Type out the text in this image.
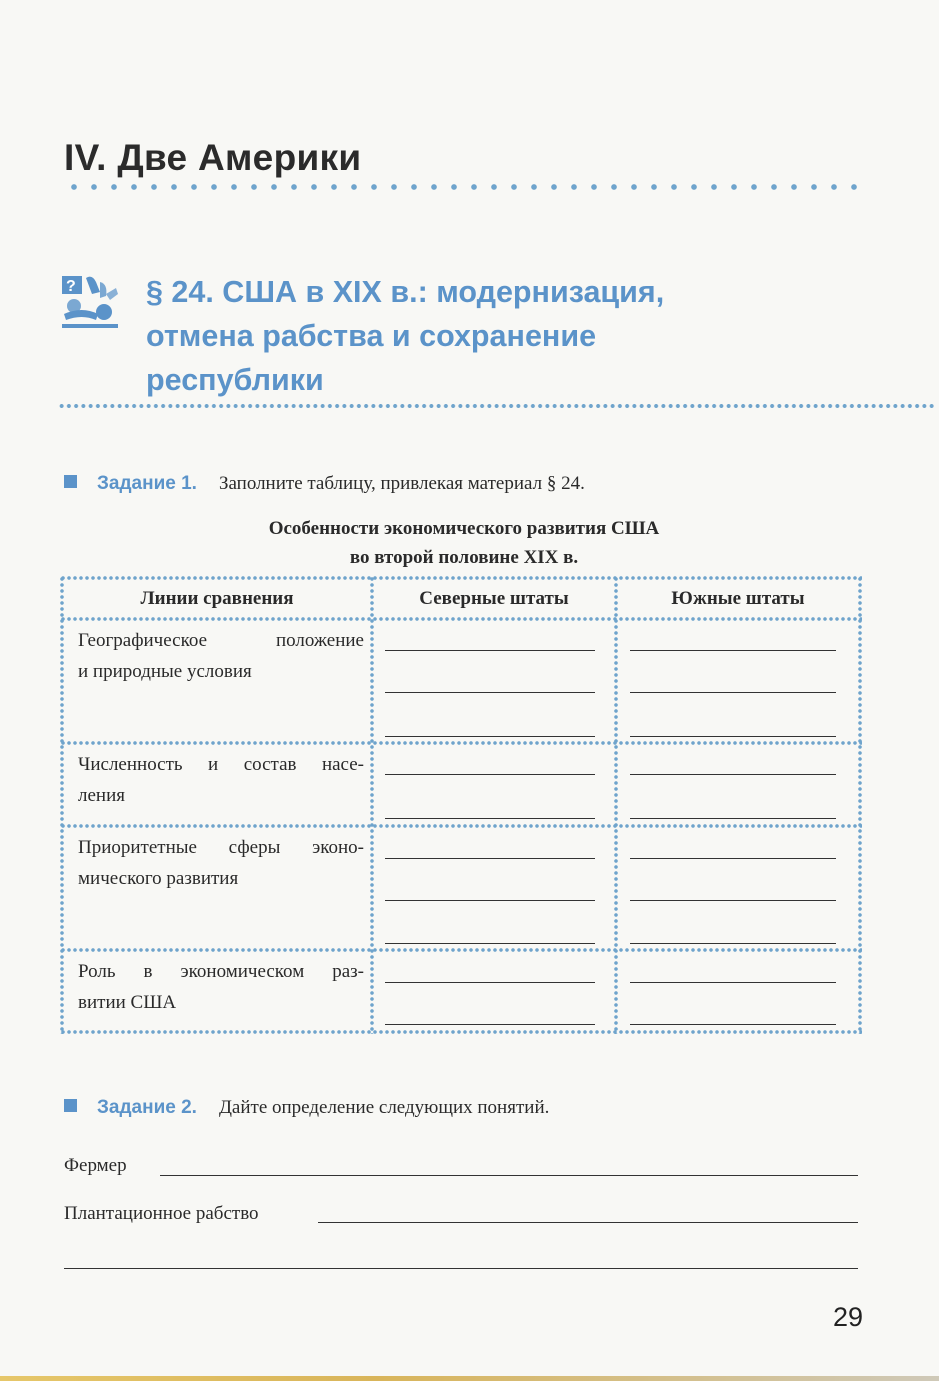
IV. Две Америки
? § 24. США в XIX в.: модернизация,
отмена рабства и сохранение
республики
Задание 1. Заполните таблицу, привлекая материал § 24.
Особенности экономического развития США
во второй половине XIX в.
Линии сравнения	Северные штаты	Южные штаты
Географическое положение
и природные условия
Численность и состав насе-
ления
Приоритетные сферы эконо-
мического развития
Роль в экономическом раз-
витии США
Задание 2. Дайте определение следующих понятий.
Фермер
Плантационное рабство
29
